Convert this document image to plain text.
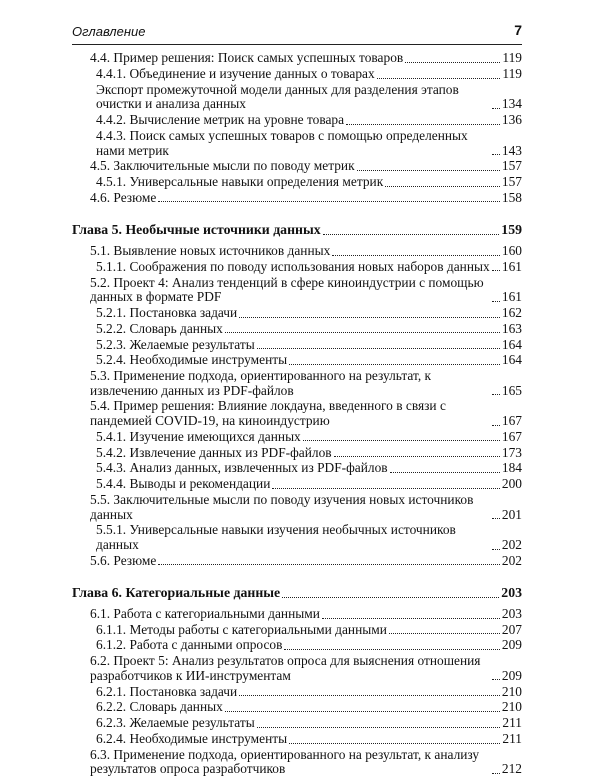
Оглавление	7
4.4. Пример решения: Поиск самых успешных товаров	119
4.4.1. Объединение и изучение данных о товарах	119
Экспорт промежуточной модели данных для разделения этапов очистки и анализа данных	134
4.4.2. Вычисление метрик на уровне товара	136
4.4.3. Поиск самых успешных товаров с помощью определенных нами метрик	143
4.5. Заключительные мысли по поводу метрик	157
4.5.1. Универсальные навыки определения метрик	157
4.6. Резюме	158
Глава 5. Необычные источники данных	159
5.1. Выявление новых источников данных	160
5.1.1. Соображения по поводу использования новых наборов данных 161
5.2. Проект 4: Анализ тенденций в сфере киноиндустрии с помощью данных в формате PDF	161
5.2.1. Постановка задачи	162
5.2.2. Словарь данных	163
5.2.3. Желаемые результаты	164
5.2.4. Необходимые инструменты	164
5.3. Применение подхода, ориентированного на результат, к извлечению данных из PDF-файлов	165
5.4. Пример решения: Влияние локдауна, введенного в связи с пандемией COVID-19, на киноиндустрию	167
5.4.1. Изучение имеющихся данных	167
5.4.2. Извлечение данных из PDF-файлов	173
5.4.3. Анализ данных, извлеченных из PDF-файлов	184
5.4.4. Выводы и рекомендации	200
5.5. Заключительные мысли по поводу изучения новых источников данных	201
5.5.1. Универсальные навыки изучения необычных источников данных	202
5.6. Резюме	202
Глава 6. Категориальные данные	203
6.1. Работа с категориальными данными	203
6.1.1. Методы работы с категориальными данными	207
6.1.2. Работа с данными опросов	209
6.2. Проект 5: Анализ результатов опроса для выяснения отношения разработчиков к ИИ-инструментам	209
6.2.1. Постановка задачи	210
6.2.2. Словарь данных	210
6.2.3. Желаемые результаты	211
6.2.4. Необходимые инструменты	211
6.3. Применение подхода, ориентированного на результат, к анализу результатов опроса разработчиков	212
